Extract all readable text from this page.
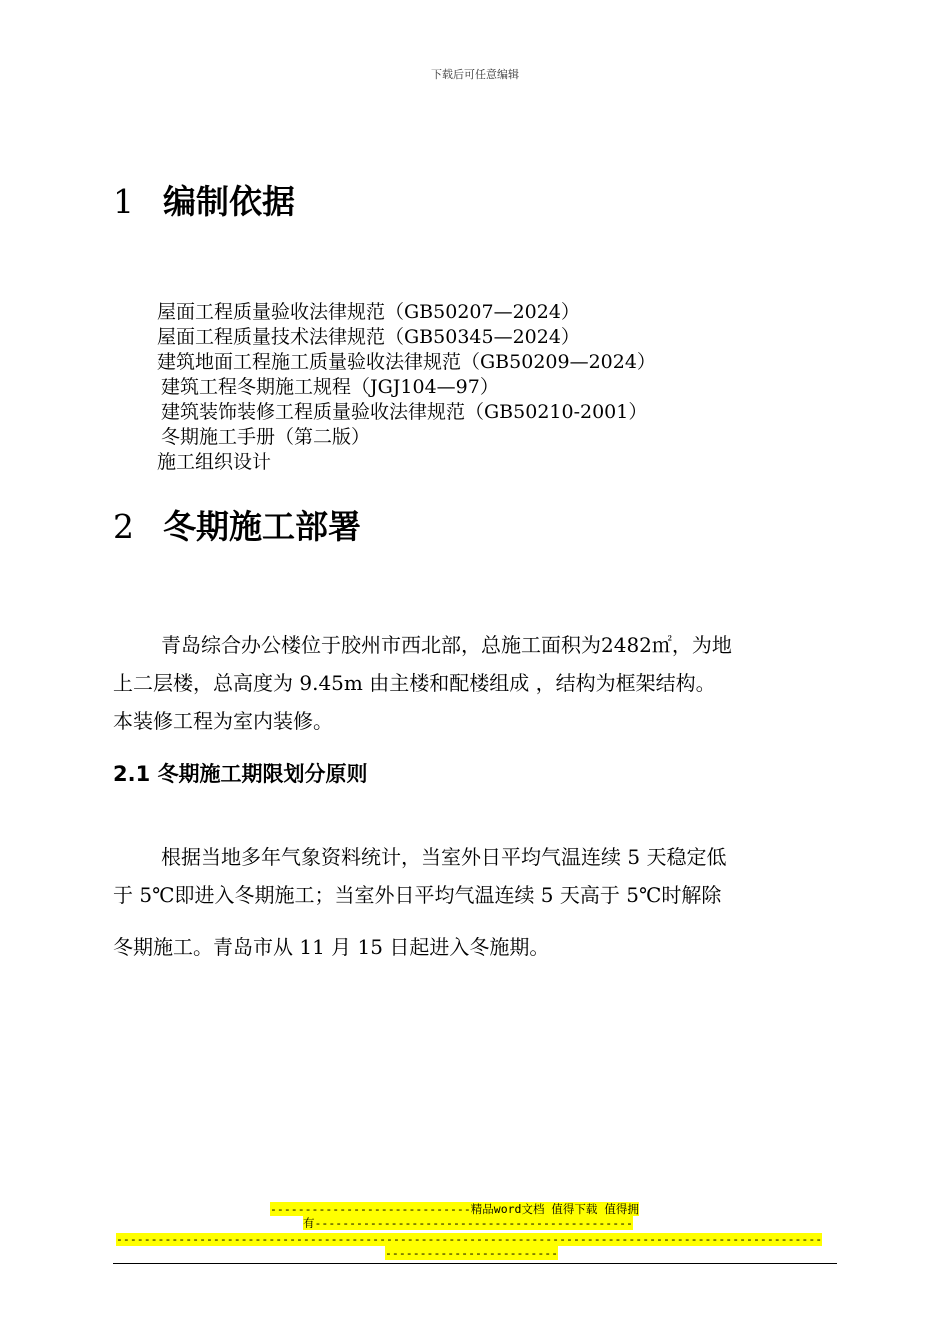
下载后可任意编辑
1 编制依据
屋面工程质量验收法律规范（GB50207—2024）
屋面工程质量技术法律规范（GB50345—2024）
建筑地面工程施工质量验收法律规范（GB50209—2024）
建筑工程冬期施工规程（JGJ104—97）
建筑装饰装修工程质量验收法律规范（GB50210-2001）
冬期施工手册（第二版）
施工组织设计
2 冬期施工部署
青岛综合办公楼位于胶州市西北部，总施工面积为2482㎡，为地
上二层楼，总高度为 9.45m 由主楼和配楼组成 ，结构为框架结构。
本装修工程为室内装修。
2.1 冬期施工期限划分原则
根据当地多年气象资料统计，当室外日平均气温连续 5 天稳定低
于 5℃即进入冬期施工；当室外日平均气温连续 5 天高于 5℃时解除
冬期施工。青岛市从 11 月 15 日起进入冬施期。
-----------------------------精品word文档 值得下载 值得拥
有----------------------------------------------
------------------------------------------------------------------------------------------------------
-------------------------
